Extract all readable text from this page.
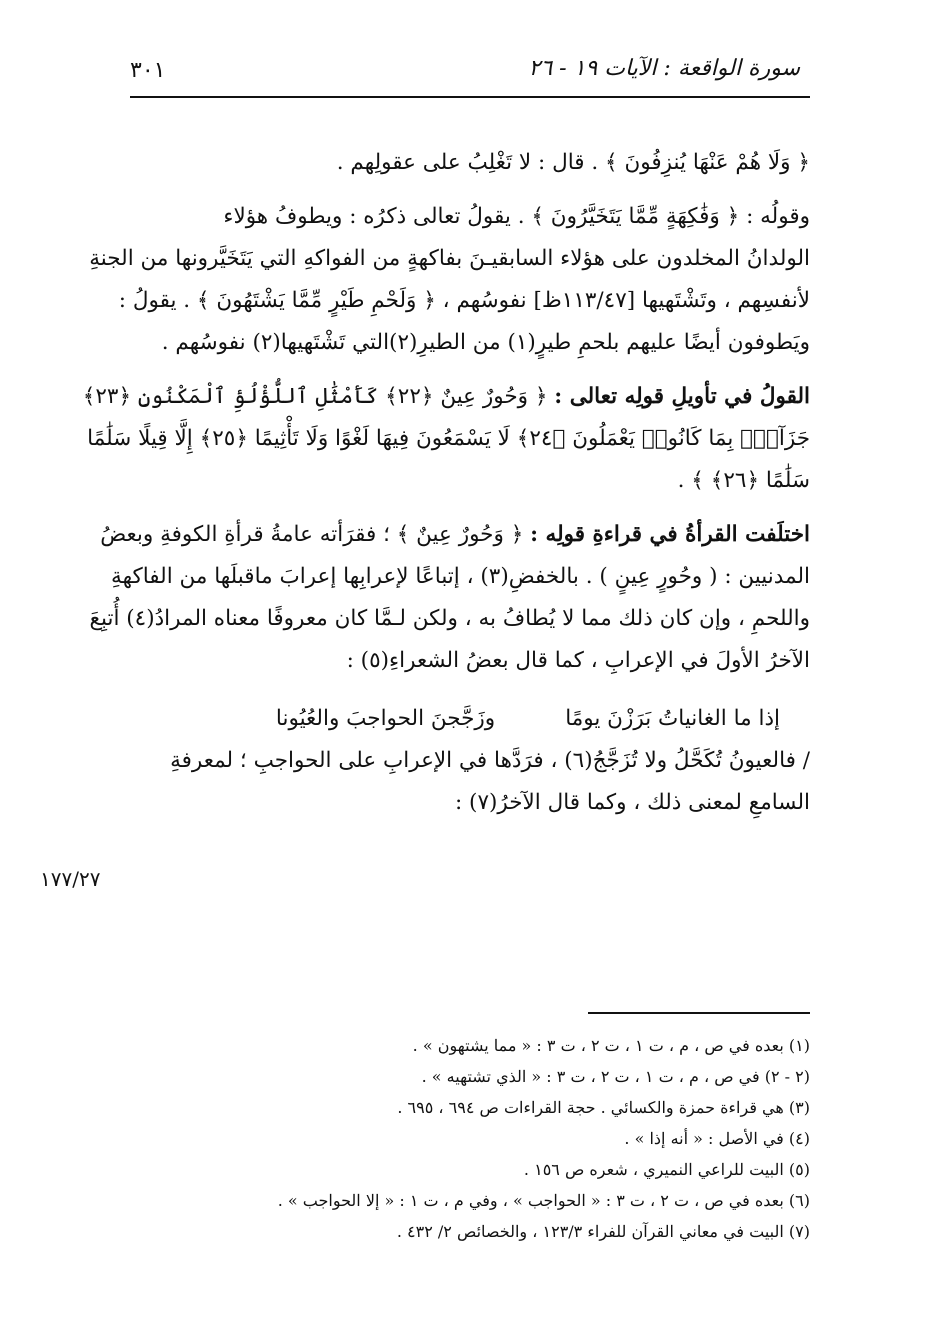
٣٠١	سورة الواقعة : الآيات ١٩ - ٢٦
﴿ وَلَا هُمْ عَنْهَا يُنزِفُونَ ﴾ . قال : لا تَغْلِبُ على عقولِهم .
وقولُه : ﴿ وَفَٰكِهَةٍ مِّمَّا يَتَخَيَّرُونَ ﴾ . يقولُ تعالى ذكرُه : ويطوفُ هؤلاء
الولدانُ المخلدون على هؤلاء السابقيـنَ بفاكهةٍ من الفواكهِ التي يَتَخَيَّرونها من الجنةِ
لأنفسِهم ، وتَشْتَهيها [١١٣/٤٧ظ] نفوسُهم ، ﴿ وَلَحْمِ طَيْرٍ مِّمَّا يَشْتَهُونَ ﴾ . يقولُ :
ويَطوفون أيضًا عليهم بلحمِ طيرٍ(١) من الطيرِ(٢)التي تَشْتَهيها(٢) نفوسُهم .
القولُ في تأويلِ قولِه تعالى : ﴿ وَحُورٌ عِينٌ ﴿٢٢﴾ كَأَمْثَٰلِ ٱللُّؤْلُؤِ ٱلْمَكْنُونِ ﴿٢٣﴾
جَزَآءًۢ بِمَا كَانُوا۟ يَعْمَلُونَ ﴿٢٤﴾ لَا يَسْمَعُونَ فِيهَا لَغْوًا وَلَا تَأْثِيمًا ﴿٢٥﴾ إِلَّا قِيلًا سَلَٰمًا
سَلَٰمًا ﴿٢٦﴾ ﴾ .
اختلَفت القرأةُ في قراءةِ قولِه : ﴿ وَحُورٌ عِينٌ ﴾ ؛ فقرَأته عامةُ قرأةِ الكوفةِ وبعضُ
المدنيين : ( وحُورٍ عِينٍ ) . بالخفضِ(٣) ، إتباعًا لإعرابِها إعرابَ ماقبلَها من الفاكهةِ
واللحمِ ، وإن كان ذلك مما لا يُطافُ به ، ولكن لـمَّا كان معروفًا معناه المرادُ(٤) أُتبِعَ
الآخرُ الأولَ في الإعرابِ ، كما قال بعضُ الشعراءِ(٥) :
إذا ما الغانياتُ بَرَزْنَ يومًاوزَجَّجنَ الحواجبَ والعُيُونا
/ فالعيونُ تُكَحَّلُ ولا تُزَجَّجُ(٦) ، فرَدَّها في الإعرابِ على الحواجبِ ؛ لمعرفةِ
السامعِ لمعنى ذلك ، وكما قال الآخرُ(٧) :
١٧٧/٢٧
(١) بعده في ص ، م ، ت ١ ، ت ٢ ، ت ٣ : « مما يشتهون » .
(٢ - ٢) في ص ، م ، ت ١ ، ت ٢ ، ت ٣ : « الذي تشتهيه » .
(٣) هي قراءة حمزة والكسائي . حجة القراءات ص ٦٩٤ ، ٦٩٥ .
(٤) في الأصل : « أنه إذا » .
(٥) البيت للراعي النميري ، شعره ص ١٥٦ .
(٦) بعده في ص ، ت ٢ ، ت ٣ : « الحواجب » ، وفي م ، ت ١ : « إلا الحواجب » .
(٧) البيت في معاني القرآن للفراء ١٢٣/٣ ، والخصائص ٢/ ٤٣٢ .
